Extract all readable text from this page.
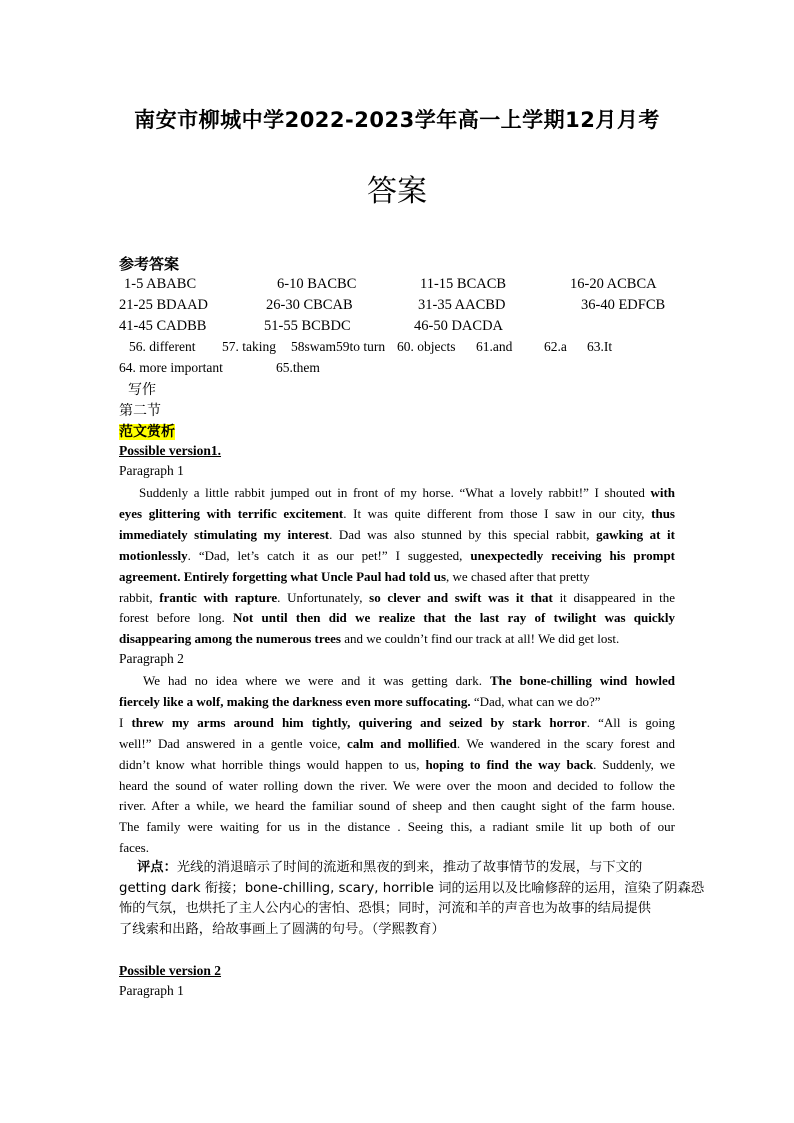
南安市柳城中学2022-2023学年高一上学期12月月考
答案
参考答案
1-5 ABABC	6-10 BACBC	11-15 BCACB	16-20 ACBCA
21-25 BDAAD	26-30 CBCAB	31-35 AACBD	36-40 EDFCB
41-45 CADBB	51-55 BCBDC	46-50 DACDA
56. different 57. taking 58swam 59to turn 60. objects 61.and 62.a 63.It
64. more important	65.them
写作
第二节
范文赏析
Possible version1.
Paragraph 1
Suddenly a little rabbit jumped out in front of my horse. “What a lovely rabbit!” I shouted with
eyes glittering with terrific excitement. It was quite different from those I saw in our city, thus
immediately stimulating my interest. Dad was also stunned by this special rabbit, gawking at it
motionlessly. “Dad, let’s catch it as our pet!” I suggested, unexpectedly receiving his prompt
agreement. Entirely forgetting what Uncle Paul had told us, we chased after that pretty
rabbit, frantic with rapture. Unfortunately, so clever and swift was it that it disappeared in the
forest before long. Not until then did we realize that the last ray of twilight was quickly
disappearing among the numerous trees and we couldn’t find our track at all! We did get lost.
Paragraph 2
We had no idea where we were and it was getting dark. The bone-chilling wind howled
fiercely like a wolf, making the darkness even more suffocating. “Dad, what can we do?”
I threw my arms around him tightly, quivering and seized by stark horror. “All is going
well!” Dad answered in a gentle voice, calm and mollified. We wandered in the scary forest and
didn’t know what horrible things would happen to us, hoping to find the way back. Suddenly, we
heard the sound of water rolling down the river. We were over the moon and decided to follow the
river. After a while, we heard the familiar sound of sheep and then caught sight of the farm house.
The family were waiting for us in the distance . Seeing this, a radiant smile lit up both of our
faces.
评点：光线的消退暗示了时间的流逝和黑夜的到来，推动了故事情节的发展，与下文的
getting dark 衔接；bone-chilling, scary, horrible 词的运用以及比喻修辞的运用，渲染了阴森恐
怖的气氛，也烘托了主人公内心的害怕、恐惧；同时，河流和羊的声音也为故事的结局提供
了线索和出路，给故事画上了圆满的句号。（学熙教育）
Possible version 2
Paragraph 1
